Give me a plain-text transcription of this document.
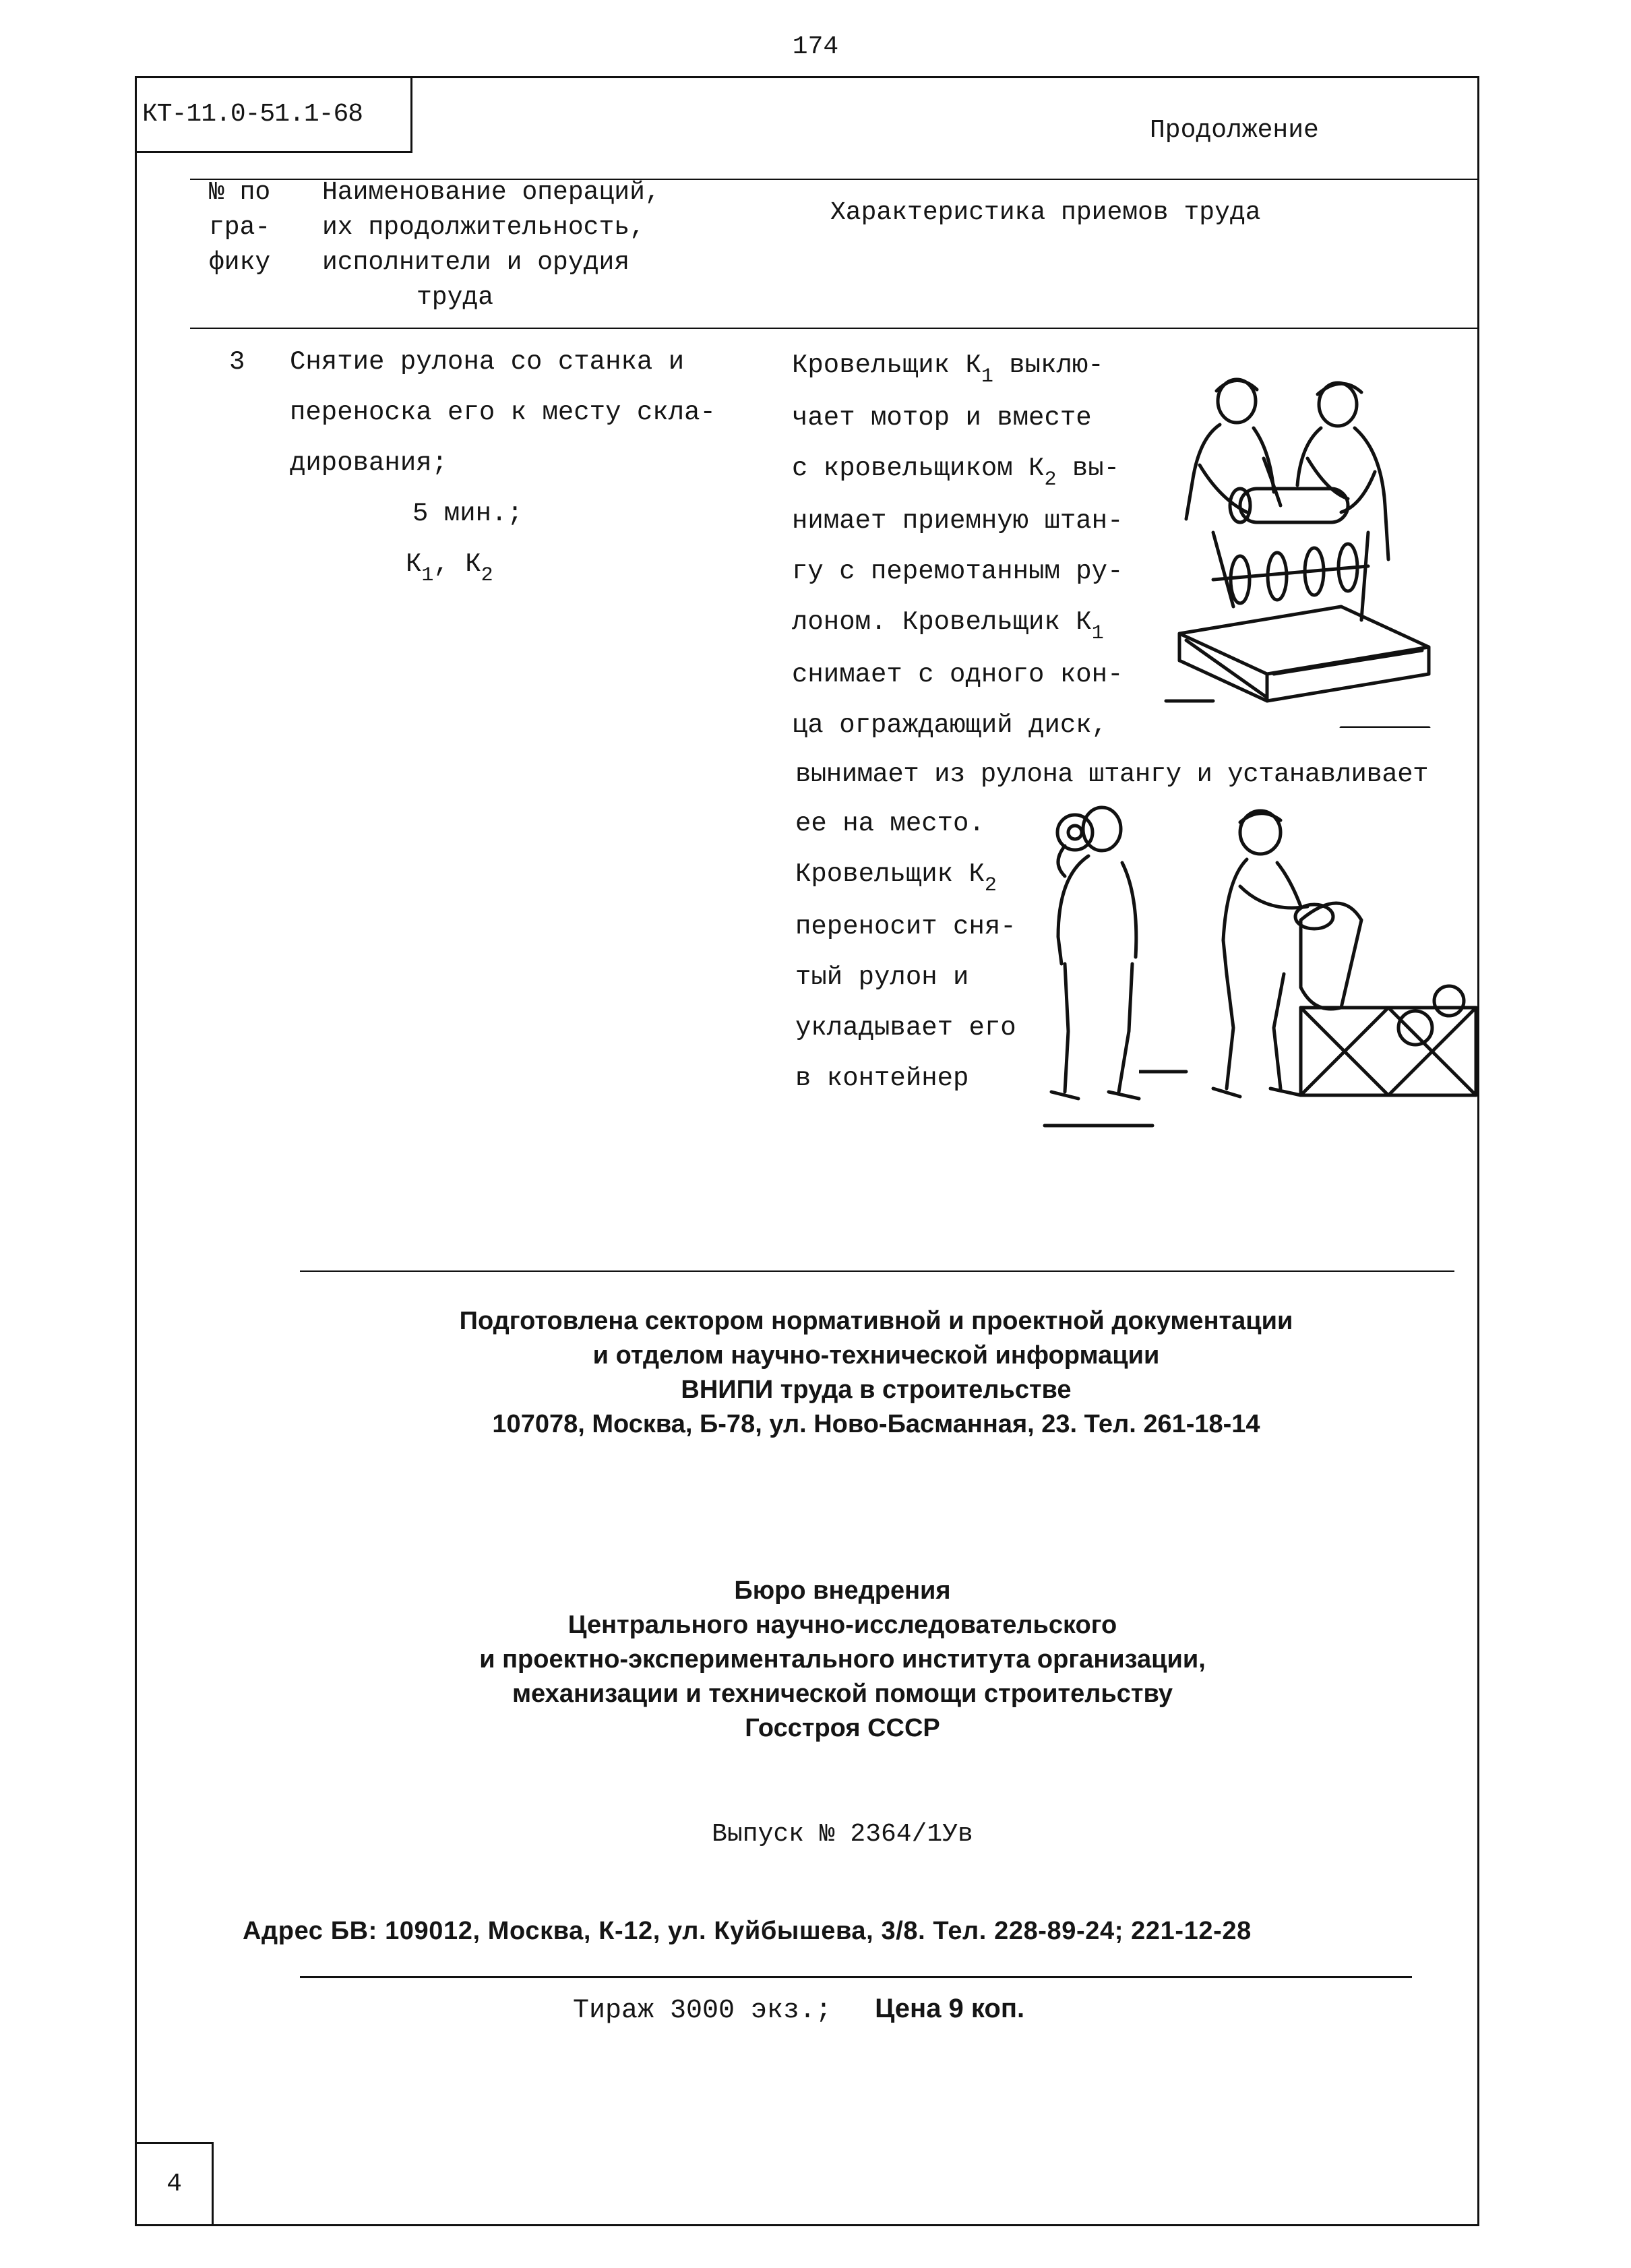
174
КТ-11.0-51.1-68
Продолжение
№ по
гра-
фику
Наименование операций,
их продолжительность,
исполнители и орудия
труда
Характеристика приемов труда
3 Снятие рулона со станка и
переноска его к месту скла-
дирования;
5 мин.;
$К_1$, $К_2$
Кровельщик $К_1$ выклю-
чает мотор и вместе
с кровельщиком $К_2$ вы-
нимает приемную штан-
гу с перемотанным ру-
лоном. Кровельщик $К_1$
снимает с одного кон-
ца ограждающий диск,
вынимает из рулона штангу и устанавливает
ее на место.
Кровельщик $К_2$
переносит сня-
тый рулон и
укладывает его
в контейнер
Подготовлена сектором нормативной и проектной документации
и отделом научно-технической информации
ВНИПИ труда в строительстве
107078, Москва, Б-78, ул. Ново-Басманная, 23. Тел. 261-18-14
Бюро внедрения
Центрального научно-исследовательского
и проектно-экспериментального института организации,
механизации и технической помощи строительству
Госстроя СССР
Выпуск № 2364/1Ув
Адрес БВ: 109012, Москва, К-12, ул. Куйбышева, 3/8. Тел. 228-89-24; 221-12-28
Тираж 3000 экз.; Цена 9 коп.
4
